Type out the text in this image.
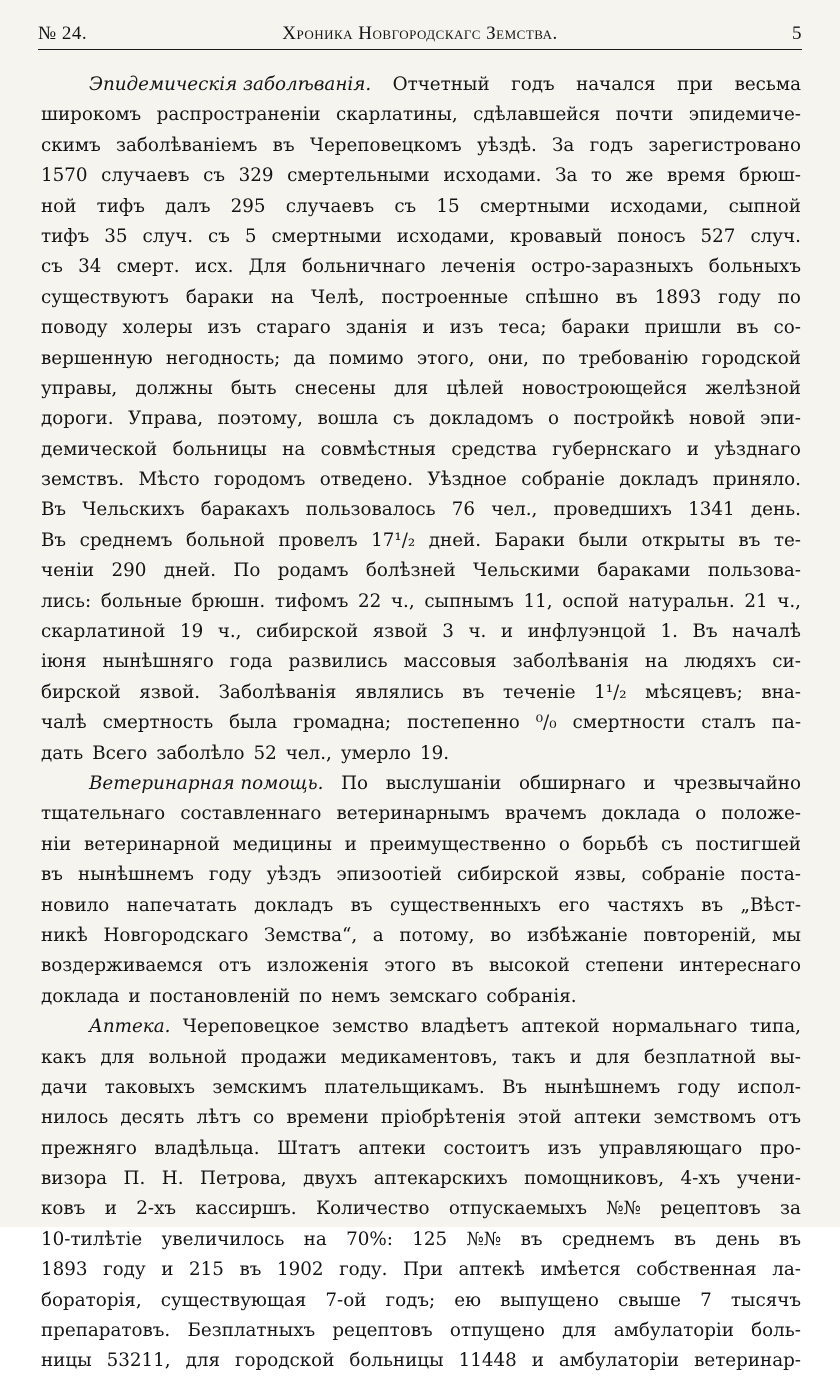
№ 24.	Хроника Новгородскагс Земства.	5
Эпидемическія заболѣванія. Отчетный годъ начался при весьма
широкомъ распространеніи скарлатины, сдѣлавшейся почти эпидемиче-
скимъ заболѣваніемъ въ Череповецкомъ уѣздѣ. За годъ зарегистровано
1570 случаевъ съ 329 смертельными исходами. За то же время брюш-
ной тифъ далъ 295 случаевъ съ 15 смертными исходами, сыпной
тифъ 35 случ. съ 5 смертными исходами, кровавый поносъ 527 случ.
съ 34 смерт. исх. Для больничнаго леченія остро-заразныхъ больныхъ
существуютъ бараки на Челѣ, построенные спѣшно въ 1893 году по
поводу холеры изъ стараго зданія и изъ теса; бараки пришли въ со-
вершенную негодность; да помимо этого, они, по требованію городской
управы, должны быть снесены для цѣлей новостроющейся желѣзной
дороги. Управа, поэтому, вошла съ докладомъ о постройкѣ новой эпи-
демической больницы на совмѣстныя средства губернскаго и уѣзднаго
земствъ. Мѣсто городомъ отведено. Уѣздное собраніе докладъ приняло.
Въ Чельскихъ баракахъ пользовалось 76 чел., проведшихъ 1341 день.
Въ среднемъ больной провелъ 17¹/₂ дней. Бараки были открыты въ те-
ченіи 290 дней. По родамъ болѣзней Чельскими бараками пользова-
лись: больные брюшн. тифомъ 22 ч., сыпнымъ 11, оспой натуральн. 21 ч.,
скарлатиной 19 ч., сибирской язвой 3 ч. и инфлуэнцой 1. Въ началѣ
іюня нынѣшняго года развились массовыя заболѣванія на людяхъ си-
бирской язвой. Заболѣванія являлись въ теченіе 1¹/₂ мѣсяцевъ; вна-
чалѣ смертность была громадна; постепенно ⁰/₀ смертности сталъ па-
дать Всего заболѣло 52 чел., умерло 19.
Ветеринарная помощь. По выслушаніи обширнаго и чрезвычайно
тщательнаго составленнаго ветеринарнымъ врачемъ доклада о положе-
ніи ветеринарной медицины и преимущественно о борьбѣ съ постигшей
въ нынѣшнемъ году уѣздъ эпизоотіей сибирской язвы, собраніе поста-
новило напечатать докладъ въ существенныхъ его частяхъ въ „Вѣст-
никѣ Новгородскаго Земства“, а потому, во избѣжаніе повтореній, мы
воздерживаемся отъ изложенія этого въ высокой степени интереснаго
доклада и постановленій по немъ земскаго собранія.
Аптека. Череповецкое земство владѣетъ аптекой нормальнаго типа,
какъ для вольной продажи медикаментовъ, такъ и для безплатной вы-
дачи таковыхъ земскимъ плательщикамъ. Въ нынѣшнемъ году испол-
нилось десять лѣтъ со времени пріобрѣтенія этой аптеки земствомъ отъ
прежняго владѣльца. Штатъ аптеки состоитъ изъ управляющаго про-
визора П. Н. Петрова, двухъ аптекарскихъ помощниковъ, 4-хъ учени-
ковъ и 2-хъ кассиршъ. Количество отпускаемыхъ №№ рецептовъ за
10-тилѣтіе увеличилось на 70%: 125 №№ въ среднемъ въ день въ
1893 году и 215 въ 1902 году. При аптекѣ имѣется собственная ла-
бораторія, существующая 7-ой годъ; ею выпущено свыше 7 тысячъ
препаратовъ. Безплатныхъ рецептовъ отпущено для амбулаторіи боль-
ницы 53211, для городской больницы 11448 и амбулаторіи ветеринар-
